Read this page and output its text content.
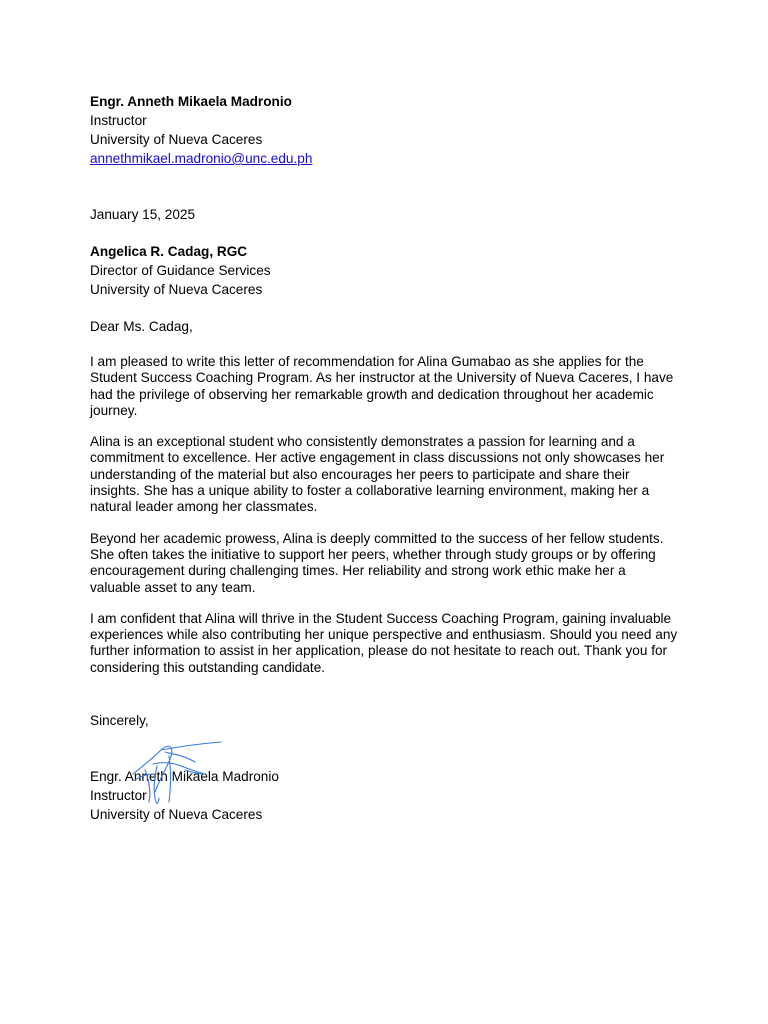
Engr. Anneth Mikaela Madronio
Instructor
University of Nueva Caceres
annethmikael.madronio@unc.edu.ph
January 15, 2025
Angelica R. Cadag, RGC
Director of Guidance Services
University of Nueva Caceres
Dear Ms. Cadag,

I am pleased to write this letter of recommendation for Alina Gumabao as she applies for the Student Success Coaching Program. As her instructor at the University of Nueva Caceres, I have had the privilege of observing her remarkable growth and dedication throughout her academic journey.

Alina is an exceptional student who consistently demonstrates a passion for learning and a commitment to excellence. Her active engagement in class discussions not only showcases her understanding of the material but also encourages her peers to participate and share their insights. She has a unique ability to foster a collaborative learning environment, making her a natural leader among her classmates.

Beyond her academic prowess, Alina is deeply committed to the success of her fellow students. She often takes the initiative to support her peers, whether through study groups or by offering encouragement during challenging times. Her reliability and strong work ethic make her a valuable asset to any team.

I am confident that Alina will thrive in the Student Success Coaching Program, gaining invaluable experiences while also contributing her unique perspective and enthusiasm. Should you need any further information to assist in her application, please do not hesitate to reach out. Thank you for considering this outstanding candidate.

Sincerely,
Engr. Anneth Mikaela Madronio
Instructor
University of Nueva Caceres
